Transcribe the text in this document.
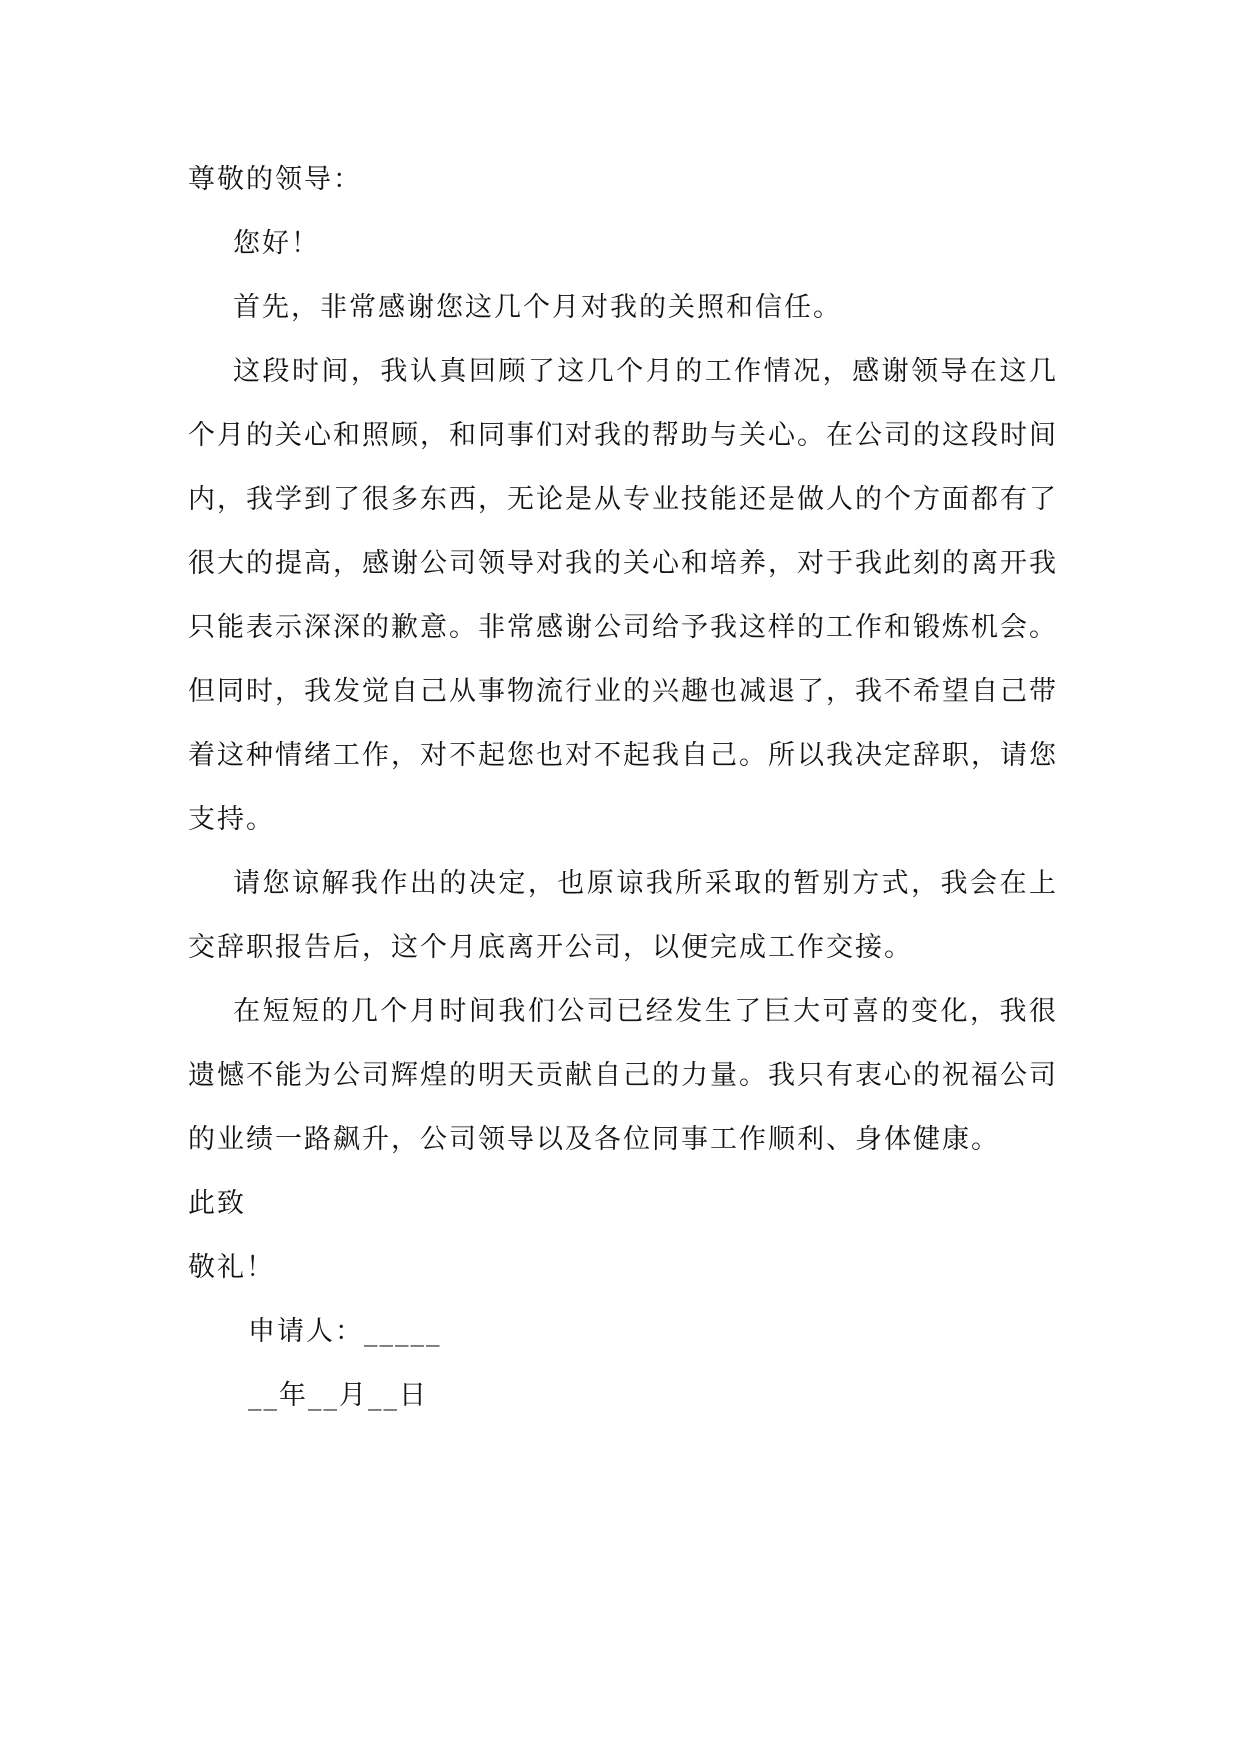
尊敬的领导：

您好！

首先，非常感谢您这几个月对我的关照和信任。

这段时间，我认真回顾了这几个月的工作情况，感谢领导在这几个月的关心和照顾，和同事们对我的帮助与关心。在公司的这段时间内，我学到了很多东西，无论是从专业技能还是做人的个方面都有了很大的提高，感谢公司领导对我的关心和培养，对于我此刻的离开我只能表示深深的歉意。非常感谢公司给予我这样的工作和锻炼机会。但同时，我发觉自己从事物流行业的兴趣也减退了，我不希望自己带着这种情绪工作，对不起您也对不起我自己。所以我决定辞职，请您支持。

请您谅解我作出的决定，也原谅我所采取的暂别方式，我会在上交辞职报告后，这个月底离开公司，以便完成工作交接。

在短短的几个月时间我们公司已经发生了巨大可喜的变化，我很遗憾不能为公司辉煌的明天贡献自己的力量。我只有衷心的祝福公司的业绩一路飙升，公司领导以及各位同事工作顺利、身体健康。

此致

敬礼！

申请人：_____

__年__月__日
